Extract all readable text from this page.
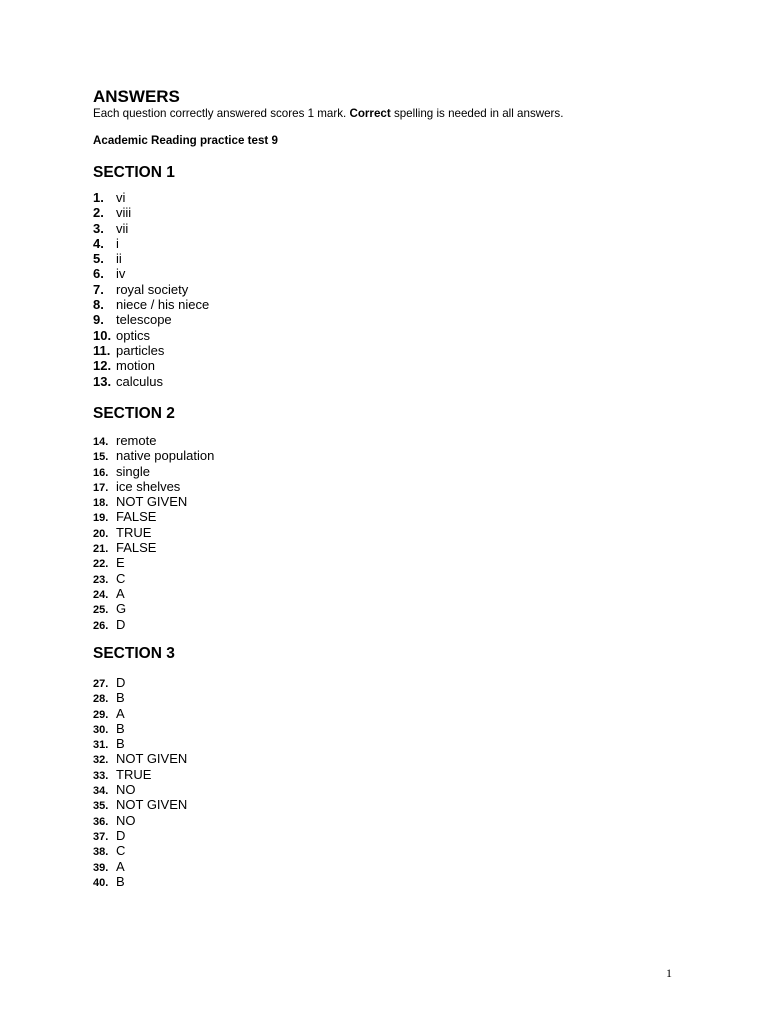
ANSWERS

Each question correctly answered scores 1 mark. Correct spelling is needed in all answers.

Academic Reading practice test 9

SECTION 1
1. vi
2. viii
3. vii
4. i
5. ii
6. iv
7. royal society
8. niece / his niece
9. telescope
10. optics
11. particles
12. motion
13. calculus
SECTION 2
14. remote
15. native population
16. single
17. ice shelves
18. NOT GIVEN
19. FALSE
20. TRUE
21. FALSE
22. E
23. C
24. A
25. G
26. D
SECTION 3
27. D
28. B
29. A
30. B
31. B
32. NOT GIVEN
33. TRUE
34. NO
35. NOT GIVEN
36. NO
37. D
38. C
39. A
40. B
1
